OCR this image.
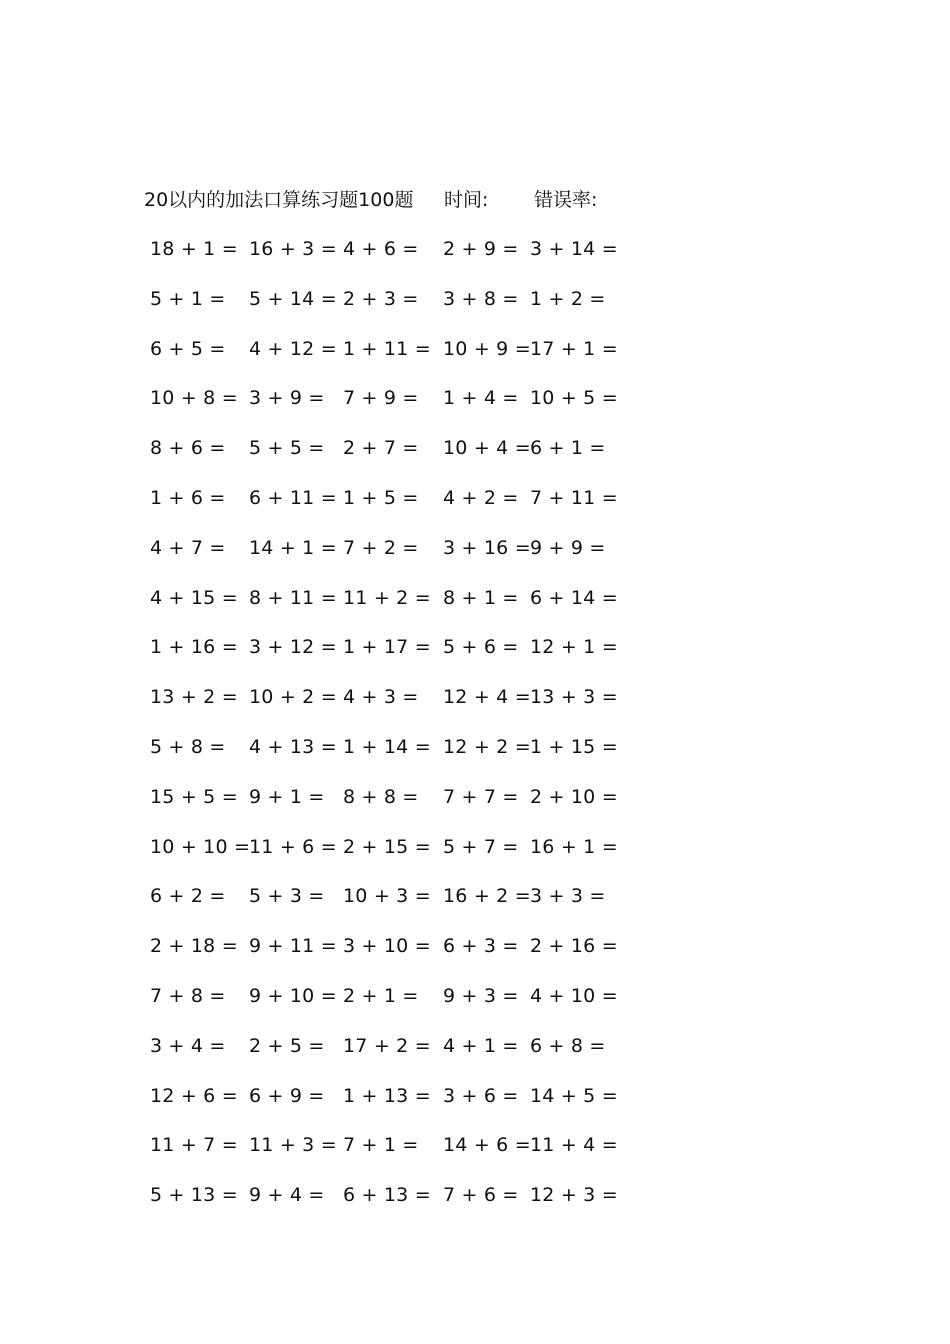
20以内的加法口算练习题100题 时间: 错误率:
18 + 1 = 16 + 3 = 4 + 6 = 2 + 9 = 3 + 14 =
5 + 1 = 5 + 14 = 2 + 3 = 3 + 8 = 1 + 2 =
6 + 5 = 4 + 12 = 1 + 11 = 10 + 9 = 17 + 1 =
10 + 8 = 3 + 9 = 7 + 9 = 1 + 4 = 10 + 5 =
8 + 6 = 5 + 5 = 2 + 7 = 10 + 4 = 6 + 1 =
1 + 6 = 6 + 11 = 1 + 5 = 4 + 2 = 7 + 11 =
4 + 7 = 14 + 1 = 7 + 2 = 3 + 16 = 9 + 9 =
4 + 15 = 8 + 11 = 11 + 2 = 8 + 1 = 6 + 14 =
1 + 16 = 3 + 12 = 1 + 17 = 5 + 6 = 12 + 1 =
13 + 2 = 10 + 2 = 4 + 3 = 12 + 4 = 13 + 3 =
5 + 8 = 4 + 13 = 1 + 14 = 12 + 2 = 1 + 15 =
15 + 5 = 9 + 1 = 8 + 8 = 7 + 7 = 2 + 10 =
10 + 10 =
11 + 6 = 2 + 15 = 5 + 7 = 16 + 1 =
6 + 2 = 5 + 3 = 10 + 3 = 16 + 2 = 3 + 3 =
2 + 18 = 9 + 11 = 3 + 10 = 6 + 3 = 2 + 16 =
7 + 8 = 9 + 10 = 2 + 1 = 9 + 3 = 4 + 10 =
3 + 4 = 2 + 5 = 17 + 2 = 4 + 1 = 6 + 8 =
12 + 6 = 6 + 9 = 1 + 13 = 3 + 6 = 14 + 5 =
11 + 7 = 11 + 3 = 7 + 1 = 14 + 6 = 11 + 4 =
5 + 13 = 9 + 4 = 6 + 13 = 7 + 6 = 12 + 3 =
